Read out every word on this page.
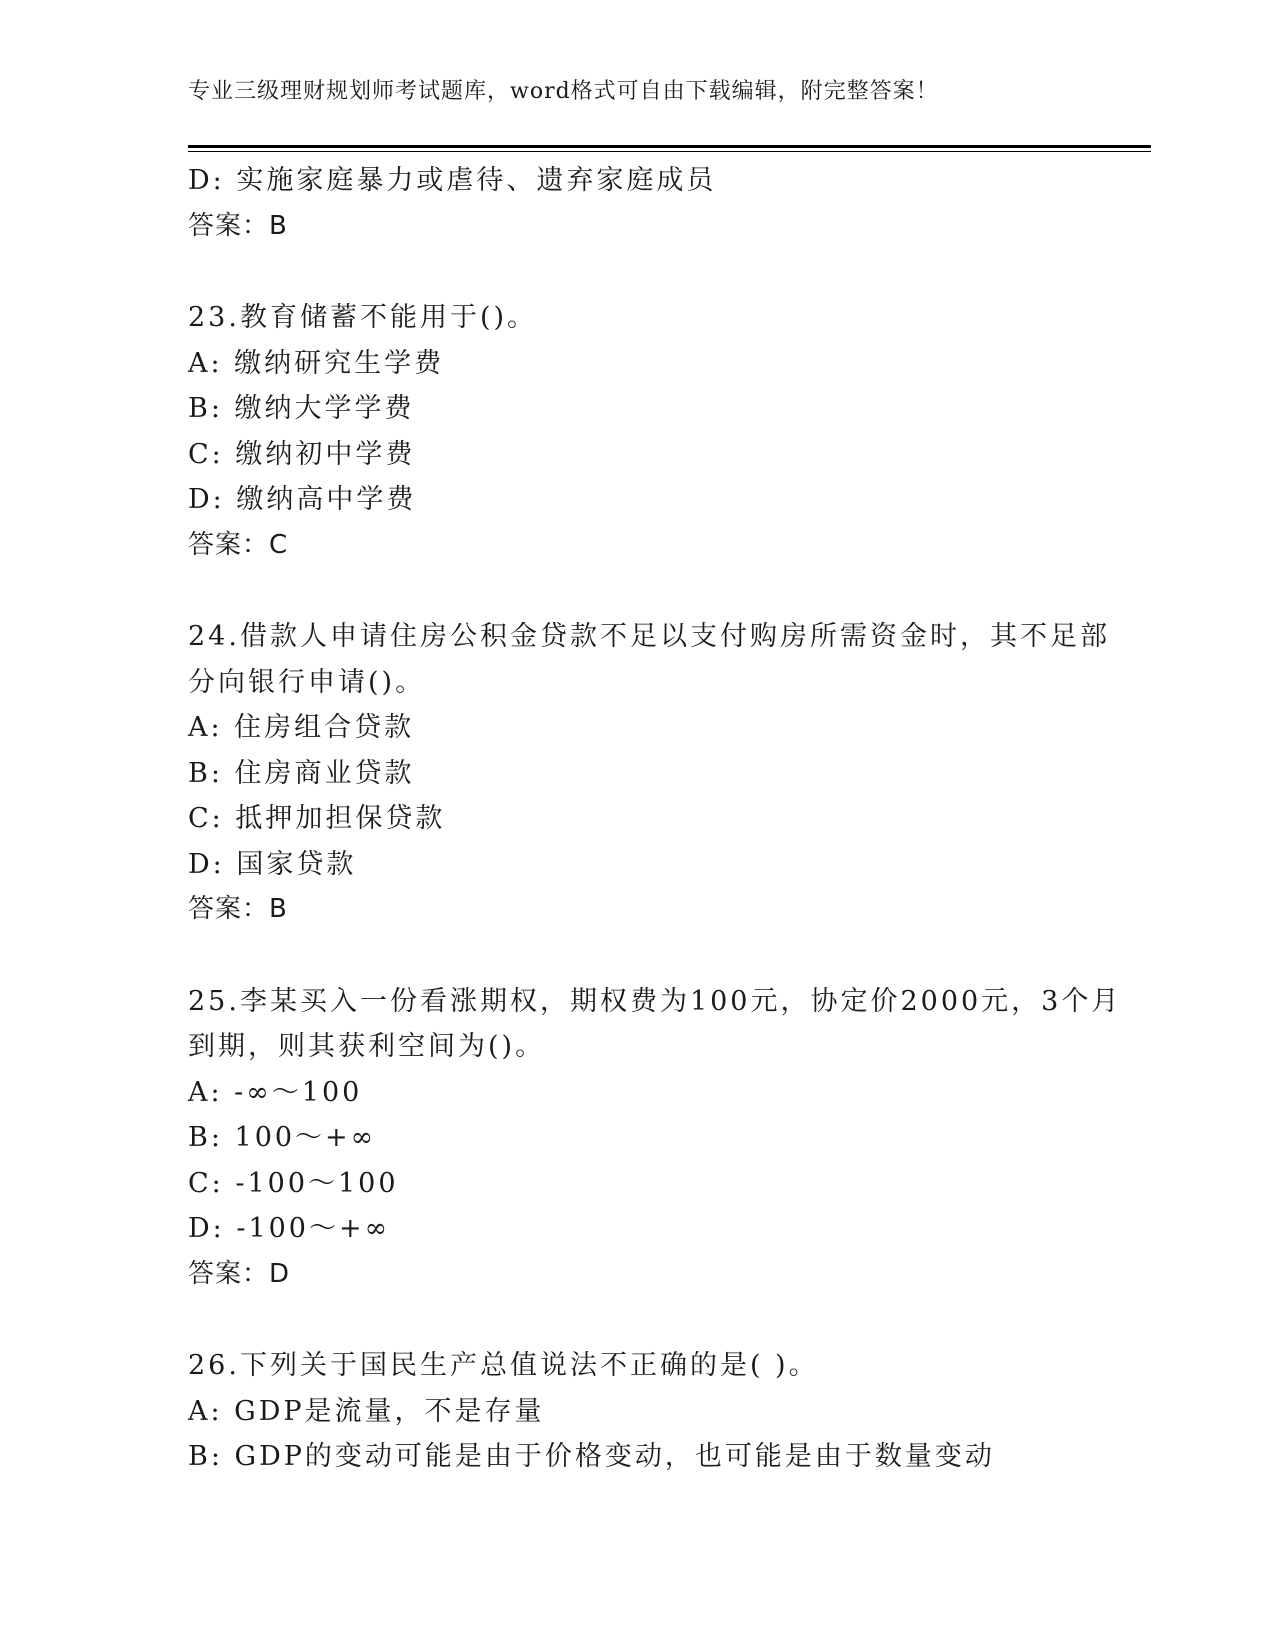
专业三级理财规划师考试题库，word格式可自由下载编辑，附完整答案！
D: 实施家庭暴力或虐待、遗弃家庭成员
答案：B
23.教育储蓄不能用于()。
A: 缴纳研究生学费
B: 缴纳大学学费
C: 缴纳初中学费
D: 缴纳高中学费
答案：C
24.借款人申请住房公积金贷款不足以支付购房所需资金时，其不足部
分向银行申请()。
A: 住房组合贷款
B: 住房商业贷款
C: 抵押加担保贷款
D: 国家贷款
答案：B
25.李某买入一份看涨期权，期权费为100元，协定价2000元，3个月
到期，则其获利空间为()。
A: -∞～100
B: 100～+∞
C: -100～100
D: -100～+∞
答案：D
26.下列关于国民生产总值说法不正确的是( )。
A: GDP是流量，不是存量
B: GDP的变动可能是由于价格变动，也可能是由于数量变动
